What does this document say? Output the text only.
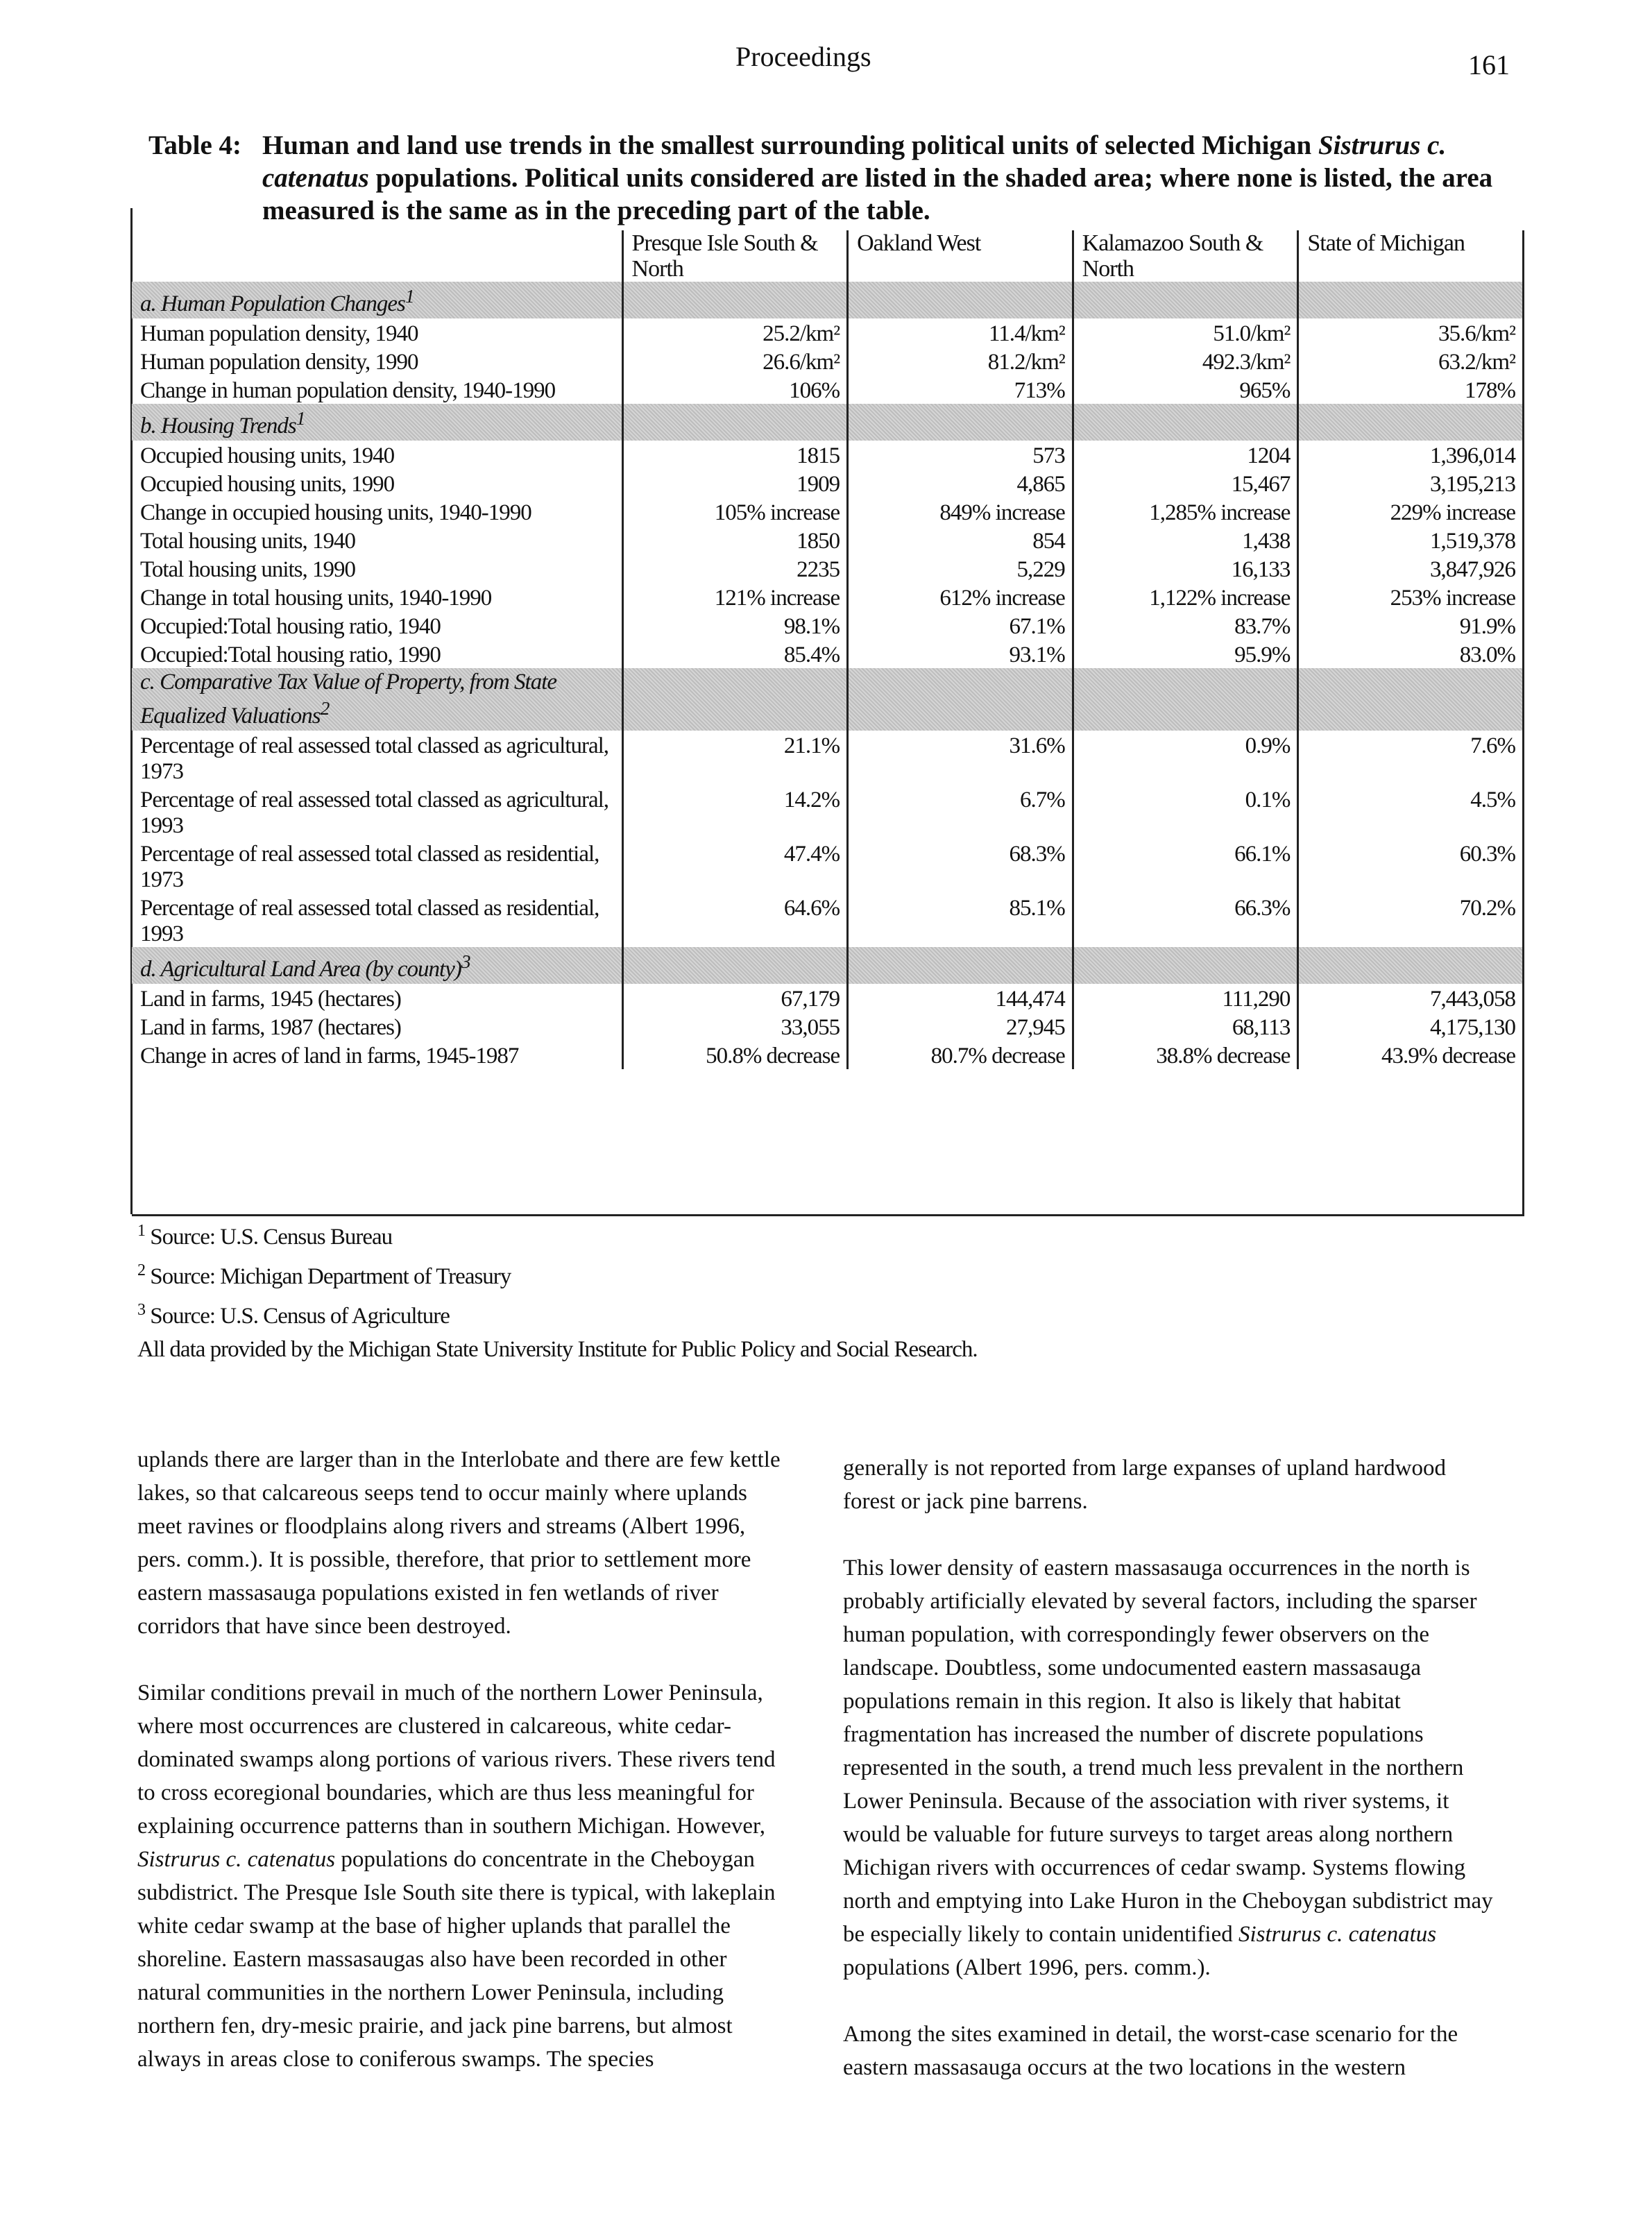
Proceedings	161
Table 4: Human and land use trends in the smallest surrounding political units of selected Michigan Sistrurus c. catenatus populations. Political units considered are listed in the shaded area; where none is listed, the area measured is the same as in the preceding part of the table.
	Presque Isle South & North	Oakland West	Kalamazoo South & North	State of Michigan
a. Human Population Changes$^1$				
Human population density, 1940	25.2/km²	11.4/km²	51.0/km²	35.6/km²
Human population density, 1990	26.6/km²	81.2/km²	492.3/km²	63.2/km²
Change in human population density, 1940-1990	106%	713%	965%	178%
b. Housing Trends$^1$				
Occupied housing units, 1940	1815	573	1204	1,396,014
Occupied housing units, 1990	1909	4,865	15,467	3,195,213
Change in occupied housing units, 1940-1990	105% increase	849% increase	1,285% increase	229% increase
Total housing units, 1940	1850	854	1,438	1,519,378
Total housing units, 1990	2235	5,229	16,133	3,847,926
Change in total housing units, 1940-1990	121% increase	612% increase	1,122% increase	253% increase
Occupied:Total housing ratio, 1940	98.1%	67.1%	83.7%	91.9%
Occupied:Total housing ratio, 1990	85.4%	93.1%	95.9%	83.0%
c. Comparative Tax Value of Property, from State Equalized Valuations$^2$				
Percentage of real assessed total classed as agricultural, 1973	21.1%	31.6%	0.9%	7.6%
Percentage of real assessed total classed as agricultural, 1993	14.2%	6.7%	0.1%	4.5%
Percentage of real assessed total classed as residential, 1973	47.4%	68.3%	66.1%	60.3%
Percentage of real assessed total classed as residential, 1993	64.6%	85.1%	66.3%	70.2%
d. Agricultural Land Area (by county)$^3$				
Land in farms, 1945 (hectares)	67,179	144,474	111,290	7,443,058
Land in farms, 1987 (hectares)	33,055	27,945	68,113	4,175,130
Change in acres of land in farms, 1945-1987	50.8% decrease	80.7% decrease	38.8% decrease	43.9% decrease
$^1$ Source: U.S. Census Bureau
$^2$ Source: Michigan Department of Treasury
$^3$ Source: U.S. Census of Agriculture
All data provided by the Michigan State University Institute for Public Policy and Social Research.

uplands there are larger than in the Interlobate and there are few kettle lakes, so that calcareous seeps tend to occur mainly where uplands meet ravines or floodplains along rivers and streams (Albert 1996, pers. comm.). It is possible, therefore, that prior to settlement more eastern massasauga populations existed in fen wetlands of river corridors that have since been destroyed.

Similar conditions prevail in much of the northern Lower Peninsula, where most occurrences are clustered in calcareous, white cedar-dominated swamps along portions of various rivers. These rivers tend to cross ecoregional boundaries, which are thus less meaningful for explaining occurrence patterns than in southern Michigan. However, Sistrurus c. catenatus populations do concentrate in the Cheboygan subdistrict. The Presque Isle South site there is typical, with lakeplain white cedar swamp at the base of higher uplands that parallel the shoreline. Eastern massasaugas also have been recorded in other natural communities in the northern Lower Peninsula, including northern fen, dry-mesic prairie, and jack pine barrens, but almost always in areas close to coniferous swamps. The species

generally is not reported from large expanses of upland hardwood forest or jack pine barrens.

This lower density of eastern massasauga occurrences in the north is probably artificially elevated by several factors, including the sparser human population, with correspondingly fewer observers on the landscape. Doubtless, some undocumented eastern massasauga populations remain in this region. It also is likely that habitat fragmentation has increased the number of discrete populations represented in the south, a trend much less prevalent in the northern Lower Peninsula. Because of the association with river systems, it would be valuable for future surveys to target areas along northern Michigan rivers with occurrences of cedar swamp. Systems flowing north and emptying into Lake Huron in the Cheboygan subdistrict may be especially likely to contain unidentified Sistrurus c. catenatus populations (Albert 1996, pers. comm.).

Among the sites examined in detail, the worst-case scenario for the eastern massasauga occurs at the two locations in the western
